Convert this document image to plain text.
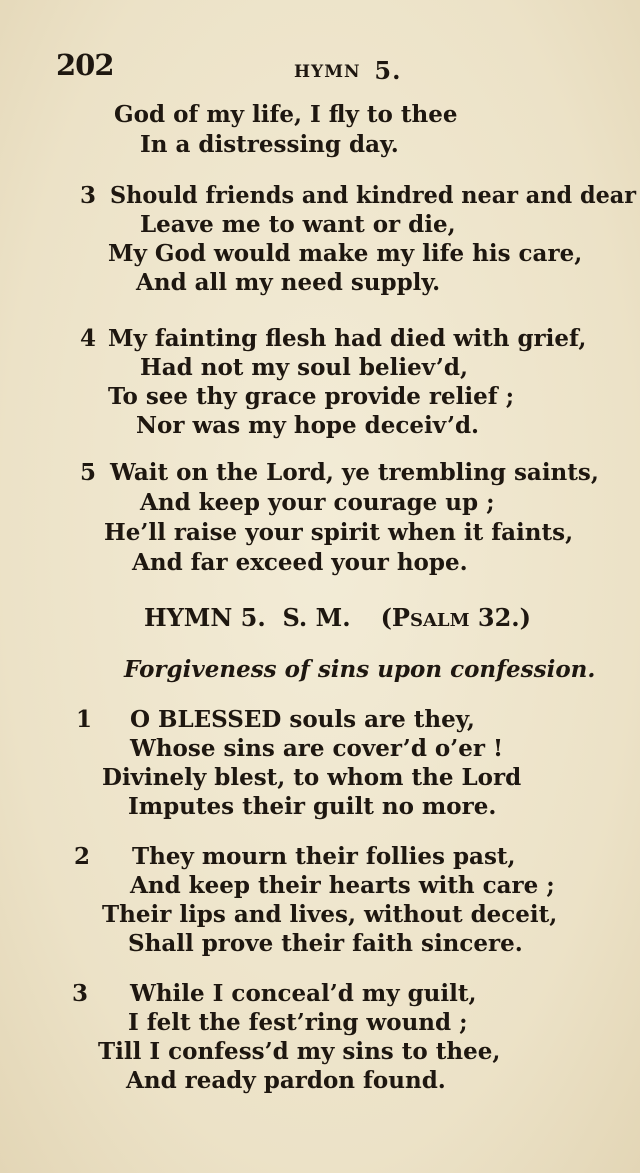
202	HYMN 5.
God of my life, I fly to thee
In a distressing day.
3 Should friends and kindred near and dear
Leave me to want or die,
My God would make my life his care,
And all my need supply.
4 My fainting flesh had died with grief,
Had not my soul believ’d,
To see thy grace provide relief ;
Nor was my hope deceiv’d.
5 Wait on the Lord, ye trembling saints,
And keep your courage up ;
He’ll raise your spirit when it faints,
And far exceed your hope.
HYMN 5. S. M. (PSALM 32.)
Forgiveness of sins upon confession.
1 O BLESSED souls are they,
Whose sins are cover’d o’er !
Divinely blest, to whom the Lord
Imputes their guilt no more.
2 They mourn their follies past,
And keep their hearts with care ;
Their lips and lives, without deceit,
Shall prove their faith sincere.
3 While I conceal’d my guilt,
I felt the fest’ring wound ;
Till I confess’d my sins to thee,
And ready pardon found.
